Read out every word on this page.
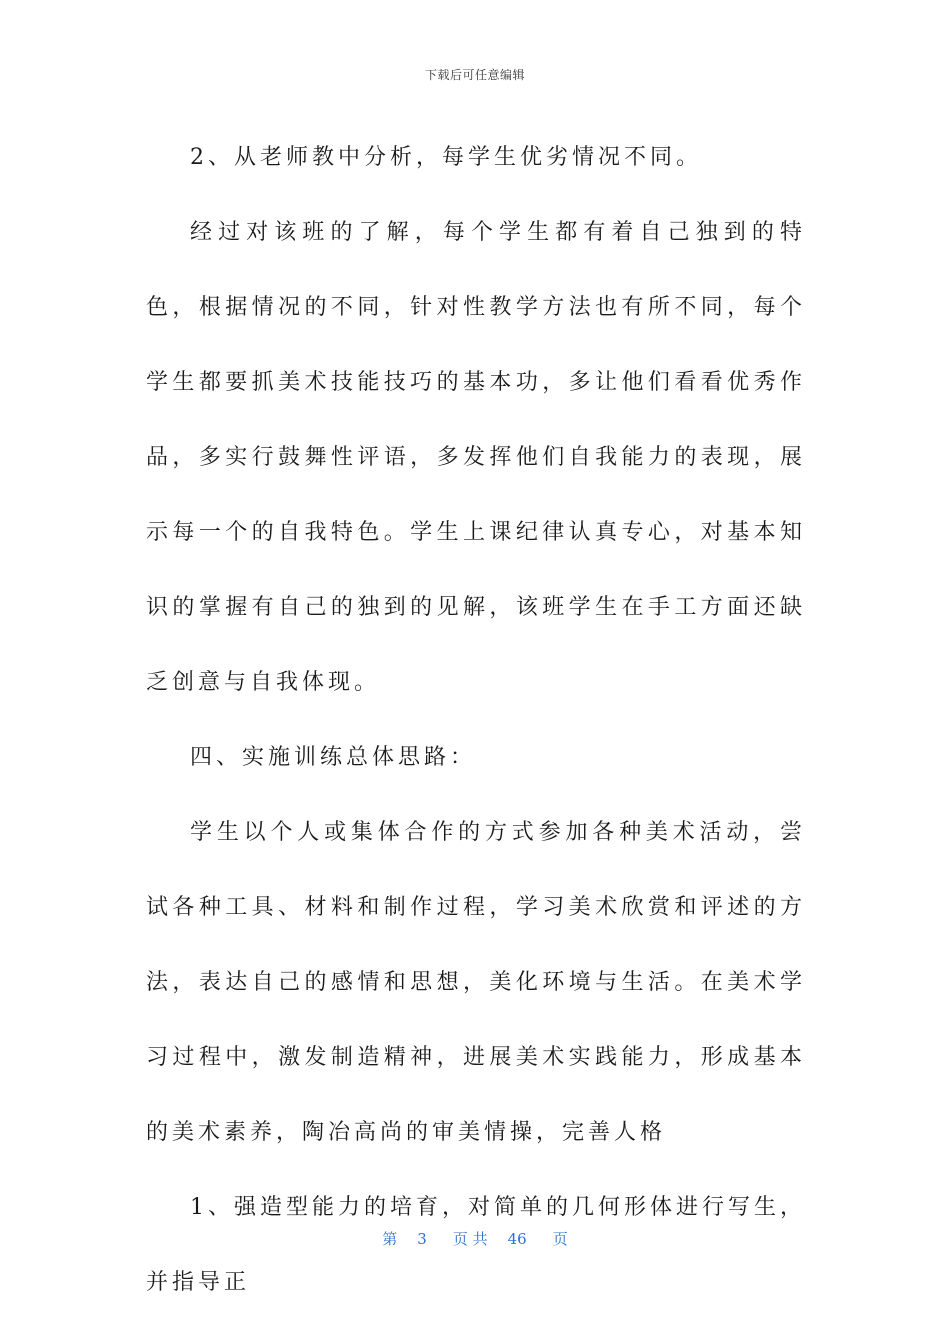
下载后可任意编辑

2、从老师教中分析，每学生优劣情况不同。

经过对该班的了解，每个学生都有着自己独到的特色，根据情况的不同，针对性教学方法也有所不同，每个学生都要抓美术技能技巧的基本功，多让他们看看优秀作品，多实行鼓舞性评语，多发挥他们自我能力的表现，展示每一个的自我特色。学生上课纪律认真专心，对基本知识的掌握有自己的独到的见解，该班学生在手工方面还缺乏创意与自我体现。

四、实施训练总体思路：

学生以个人或集体合作的方式参加各种美术活动，尝试各种工具、材料和制作过程，学习美术欣赏和评述的方法，表达自己的感情和思想，美化环境与生活。在美术学习过程中，激发制造精神，进展美术实践能力，形成基本的美术素养，陶冶高尚的审美情操，完善人格

1、强造型能力的培育，对简单的几何形体进行写生，并指导正

第 3 页 共 46 页
